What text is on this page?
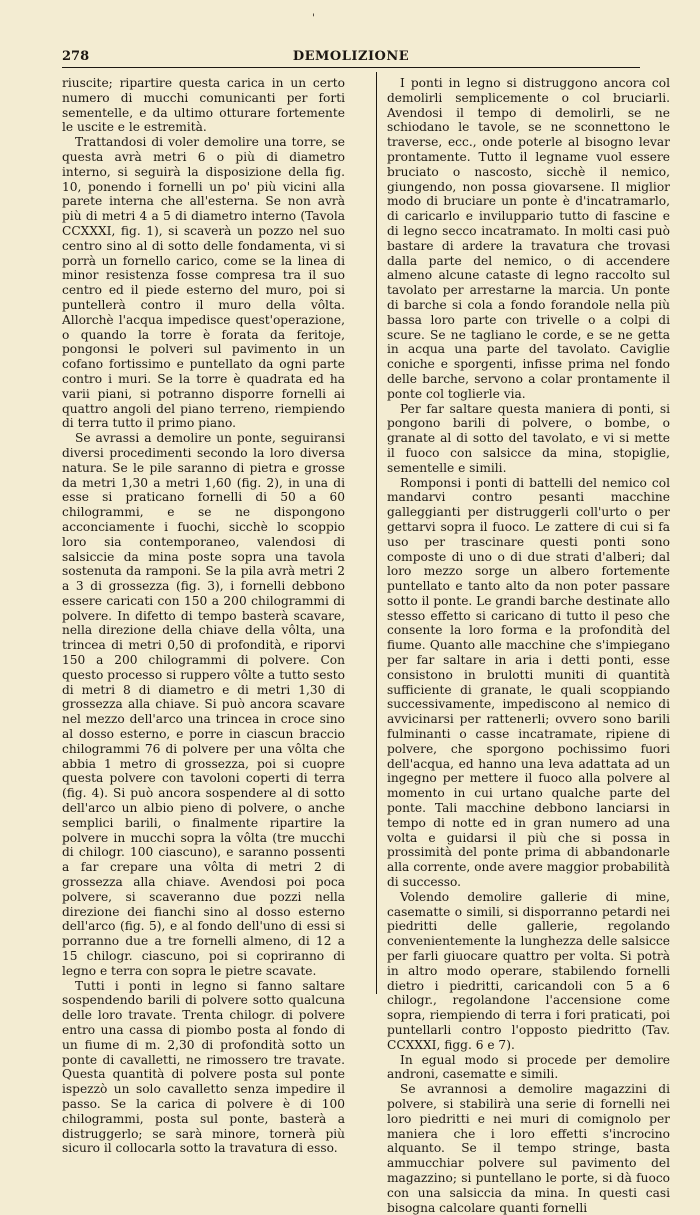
'
278	DEMOLIZIONE

riuscite; ripartire questa carica in un certo numero di mucchi comunicanti per forti sementelle, e da ultimo otturare fortemente le uscite e le estremità.

Trattandosi di voler demolire una torre, se questa avrà metri 6 o più di diametro interno, si seguirà la disposizione della fig. 10, ponendo i fornelli un po' più vicini alla parete interna che all'esterna. Se non avrà più di metri 4 a 5 di diametro interno (Tavola CCXXXI, fig. 1), si scaverà un pozzo nel suo centro sino al di sotto delle fondamenta, vi si porrà un fornello carico, come se la linea di minor resistenza fosse compresa tra il suo centro ed il piede esterno del muro, poi si puntellerà contro il muro della vôlta. Allorchè l'acqua impedisce quest'operazione, o quando la torre è forata da feritoje, pongonsi le polveri sul pavimento in un cofano fortissimo e puntellato da ogni parte contro i muri. Se la torre è quadrata ed ha varii piani, si potranno disporre fornelli ai quattro angoli del piano terreno, riempiendo di terra tutto il primo piano.

Se avrassi a demolire un ponte, seguiransi diversi procedimenti secondo la loro diversa natura. Se le pile saranno di pietra e grosse da metri 1,30 a metri 1,60 (fig. 2), in una di esse si praticano fornelli di 50 a 60 chilogrammi, e se ne dispongono acconciamente i fuochi, sicchè lo scoppio loro sia contemporaneo, valendosi di salsiccie da mina poste sopra una tavola sostenuta da ramponi. Se la pila avrà metri 2 a 3 di grossezza (fig. 3), i fornelli debbono essere caricati con 150 a 200 chilogrammi di polvere. In difetto di tempo basterà scavare, nella direzione della chiave della vôlta, una trincea di metri 0,50 di profondità, e riporvi 150 a 200 chilogrammi di polvere. Con questo processo si ruppero vôlte a tutto sesto di metri 8 di diametro e di metri 1,30 di grossezza alla chiave. Si può ancora scavare nel mezzo dell'arco una trincea in croce sino al dosso esterno, e porre in ciascun braccio chilogrammi 76 di polvere per una vôlta che abbia 1 metro di grossezza, poi si cuopre questa polvere con tavoloni coperti di terra (fig. 4). Si può ancora sospendere al di sotto dell'arco un albio pieno di polvere, o anche semplici barili, o finalmente ripartire la polvere in mucchi sopra la vôlta (tre mucchi di chilogr. 100 ciascuno), e saranno possenti a far crepare una vôlta di metri 2 di grossezza alla chiave. Avendosi poi poca polvere, si scaveranno due pozzi nella direzione dei fianchi sino al dosso esterno dell'arco (fig. 5), e al fondo dell'uno di essi si porranno due a tre fornelli almeno, di 12 a 15 chilogr. ciascuno, poi si copriranno di legno e terra con sopra le pietre scavate.

Tutti i ponti in legno si fanno saltare sospendendo barili di polvere sotto qualcuna delle loro travate. Trenta chilogr. di polvere entro una cassa di piombo posta al fondo di un fiume di m. 2,30 di profondità sotto un ponte di cavalletti, ne rimossero tre travate. Questa quantità di polvere posta sul ponte ispezzò un solo cavalletto senza impedire il passo. Se la carica di polvere è di 100 chilogrammi, posta sul ponte, basterà a distruggerlo; se sarà minore, tornerà più sicuro il collocarla sotto la travatura di esso.

I ponti in legno si distruggono ancora col demolirli semplicemente o col bruciarli. Avendosi il tempo di demolirli, se ne schiodano le tavole, se ne sconnettono le traverse, ecc., onde poterle al bisogno levar prontamente. Tutto il legname vuol essere bruciato o nascosto, sicchè il nemico, giungendo, non possa giovarsene. Il miglior modo di bruciare un ponte è d'incatramarlo, di caricarlo e inviluppario tutto di fascine e di legno secco incatramato. In molti casi può bastare di ardere la travatura che trovasi dalla parte del nemico, o di accendere almeno alcune cataste di legno raccolto sul tavolato per arrestarne la marcia. Un ponte di barche si cola a fondo forandole nella più bassa loro parte con trivelle o a colpi di scure. Se ne tagliano le corde, e se ne getta in acqua una parte del tavolato. Caviglie coniche e sporgenti, infisse prima nel fondo delle barche, servono a colar prontamente il ponte col toglierle via.

Per far saltare questa maniera di ponti, si pongono barili di polvere, o bombe, o granate al di sotto del tavolato, e vi si mette il fuoco con salsicce da mina, stopiglie, sementelle e simili.

Romponsi i ponti di battelli del nemico col mandarvi contro pesanti macchine galleggianti per distruggerli coll'urto o per gettarvi sopra il fuoco. Le zattere di cui si fa uso per trascinare questi ponti sono composte di uno o di due strati d'alberi; dal loro mezzo sorge un albero fortemente puntellato e tanto alto da non poter passare sotto il ponte. Le grandi barche destinate allo stesso effetto si caricano di tutto il peso che consente la loro forma e la profondità del fiume. Quanto alle macchine che s'impiegano per far saltare in aria i detti ponti, esse consistono in brulotti muniti di quantità sufficiente di granate, le quali scoppiando successivamente, impediscono al nemico di avvicinarsi per rattenerli; ovvero sono barili fulminanti o casse incatramate, ripiene di polvere, che sporgono pochissimo fuori dell'acqua, ed hanno una leva adattata ad un ingegno per mettere il fuoco alla polvere al momento in cui urtano qualche parte del ponte. Tali macchine debbono lanciarsi in tempo di notte ed in gran numero ad una volta e guidarsi il più che si possa in prossimità del ponte prima di abbandonarle alla corrente, onde avere maggior probabilità di successo.

Volendo demolire gallerie di mine, casematte o simili, si disporranno petardi nei piedritti delle gallerie, regolando convenientemente la lunghezza delle salsicce per farli giuocare quattro per volta. Si potrà in altro modo operare, stabilendo fornelli dietro i piedritti, caricandoli con 5 a 6 chilogr., regolandone l'accensione come sopra, riempiendo di terra i fori praticati, poi puntellarli contro l'opposto piedritto (Tav. CCXXXI, figg. 6 e 7).

In egual modo si procede per demolire androni, casematte e simili.

Se avrannosi a demolire magazzini di polvere, si stabilirà una serie di fornelli nei loro piedritti e nei muri di comignolo per maniera che i loro effetti s'incrocino alquanto. Se il tempo stringe, basta ammucchiar polvere sul pavimento del magazzino; si puntellano le porte, si dà fuoco con una salsiccia da mina. In questi casi bisogna calcolare quanti fornelli
